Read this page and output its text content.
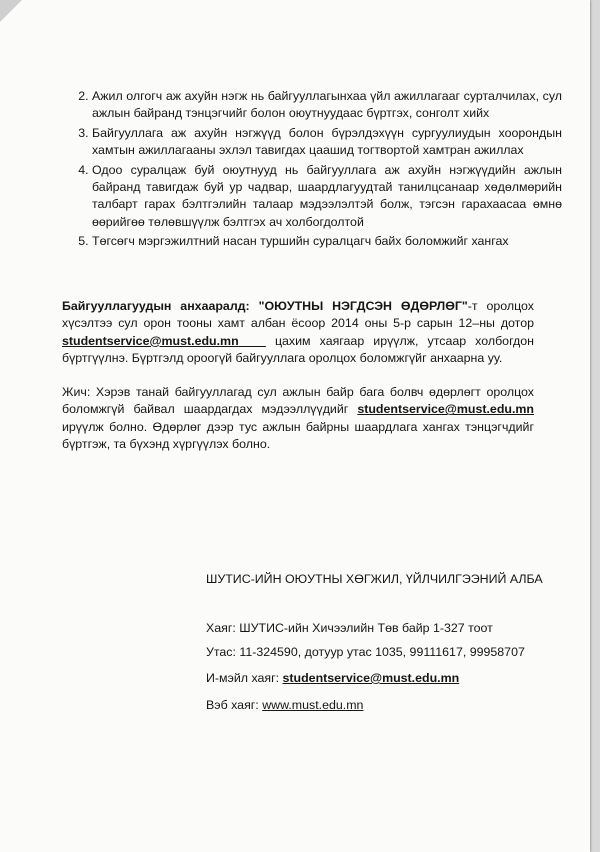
2. Ажил олгогч аж ахуйн нэгж нь байгууллагынхаа үйл ажиллагааг сурталчилах, сул ажлын байранд тэнцэгчийг болон оюутнуудаас бүртгэх, сонголт хийх
3. Байгууллага аж ахуйн нэгжүүд болон бүрэлдэхүүн сургуулиудын хоорондын хамтын ажиллагааны эхлэл тавигдах цаашид тогтвортой хамтран ажиллах
4. Одоо суралцаж буй оюутнууд нь байгууллага аж ахуйн нэгжүүдийн ажлын байранд тавигдаж буй ур чадвар, шаардлагуудтай танилцсанаар хөдөлмөрийн талбарт гарах бэлтгэлийн талаар мэдээлэлтэй болж, тэгсэн гарахаасаа өмнө өөрийгөө төлөвшүүлж бэлтгэх ач холбогдолтой
5. Төгсөгч мэргэжилтний насан туршийн суралцагч байх боломжийг хангах

Байгууллагуудын анхааралд: "ОЮУТНЫ НЭГДСЭН ӨДӨРЛӨГ"-т оролцох хүсэлтээ сул орон тооны хамт албан ёсоор 2014 оны 5-р сарын 12–ны дотор studentservice@must.edu.mn    цахим хаягаар ирүүлж, утсаар холбогдон бүртгүүлнэ. Бүртгэлд ороогүй байгууллага оролцох боломжгүйг анхаарна уу.

Жич: Хэрэв танай байгууллагад сул ажлын байр бага болвч өдөрлөгт оролцох боломжгүй байвал шаардагдах мэдээллүүдийг studentservice@must.edu.mn ирүүлж болно. Өдөрлөг дээр тус ажлын байрны шаардлага хангах тэнцэгчдийг бүртгэж, та бүхэнд хүргүүлэх болно.

ШУТИС-ИЙН ОЮУТНЫ ХӨГЖИЛ, ҮЙЛЧИЛГЭЭНИЙ АЛБА

Хаяг: ШУТИС-ийн Хичээлийн Төв байр 1-327 тоот

Утас: 11-324590, дотуур утас 1035, 99111617, 99958707

И-мэйл хаяг: studentservice@must.edu.mn

Вэб хаяг: www.must.edu.mn
